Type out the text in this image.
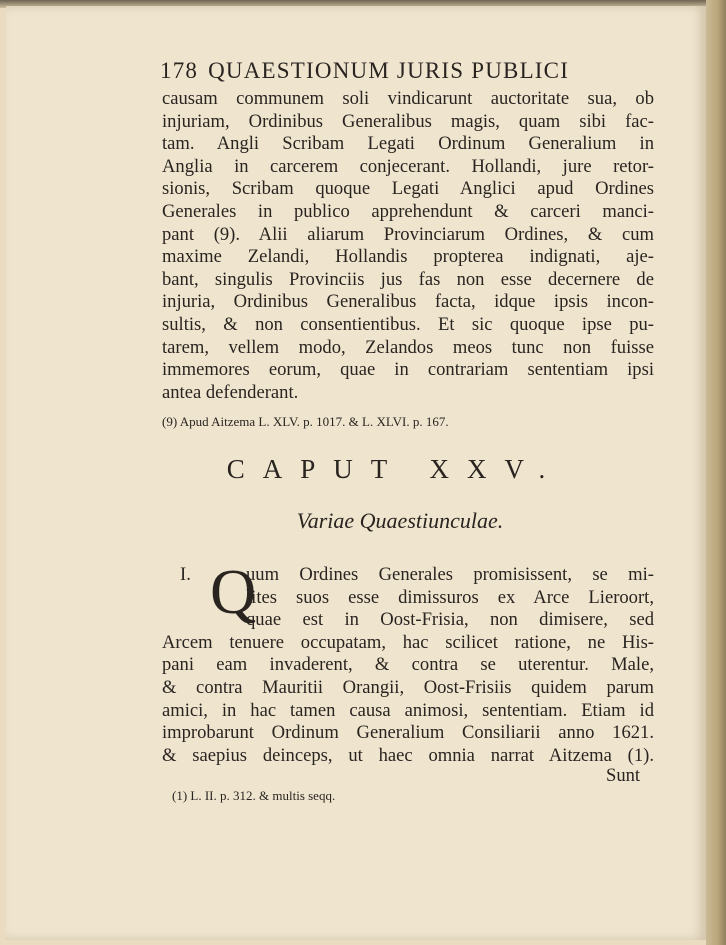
178 QUAESTIONUM JURIS PUBLICI
causam communem soli vindicarunt auctoritate sua, ob
injuriam, Ordinibus Generalibus magis, quam sibi fac-
tam. Angli Scribam Legati Ordinum Generalium in
Anglia in carcerem conjecerant. Hollandi, jure retor-
sionis, Scribam quoque Legati Anglici apud Ordines
Generales in publico apprehendunt & carceri manci-
pant (9). Alii aliarum Provinciarum Ordines, & cum
maxime Zelandi, Hollandis propterea indignati, aje-
bant, singulis Provinciis jus fas non esse decernere de
injuria, Ordinibus Generalibus facta, idque ipsis incon-
sultis, & non consentientibus. Et sic quoque ipse pu-
tarem, vellem modo, Zelandos meos tunc non fuisse
immemores eorum, quae in contrariam sententiam ipsi
antea defenderant.
(9) Apud Aitzema L. XLV. p. 1017. & L. XLVI. p. 167.
CAPUT XXV.
Variae Quaestiunculae.
I. Q
uum Ordines Generales promisissent, se mi-
lites suos esse dimissuros ex Arce Lieroort,
quae est in Oost-Frisia, non dimisere, sed
Arcem tenuere occupatam, hac scilicet ratione, ne His-
pani eam invaderent, & contra se uterentur. Male,
& contra Mauritii Orangii, Oost-Frisiis quidem parum
amici, in hac tamen causa animosi, sententiam. Etiam id
improbarunt Ordinum Generalium Consiliarii anno 1621.
& saepius deinceps, ut haec omnia narrat Aitzema (1).
Sunt
(1) L. II. p. 312. & multis seqq.
